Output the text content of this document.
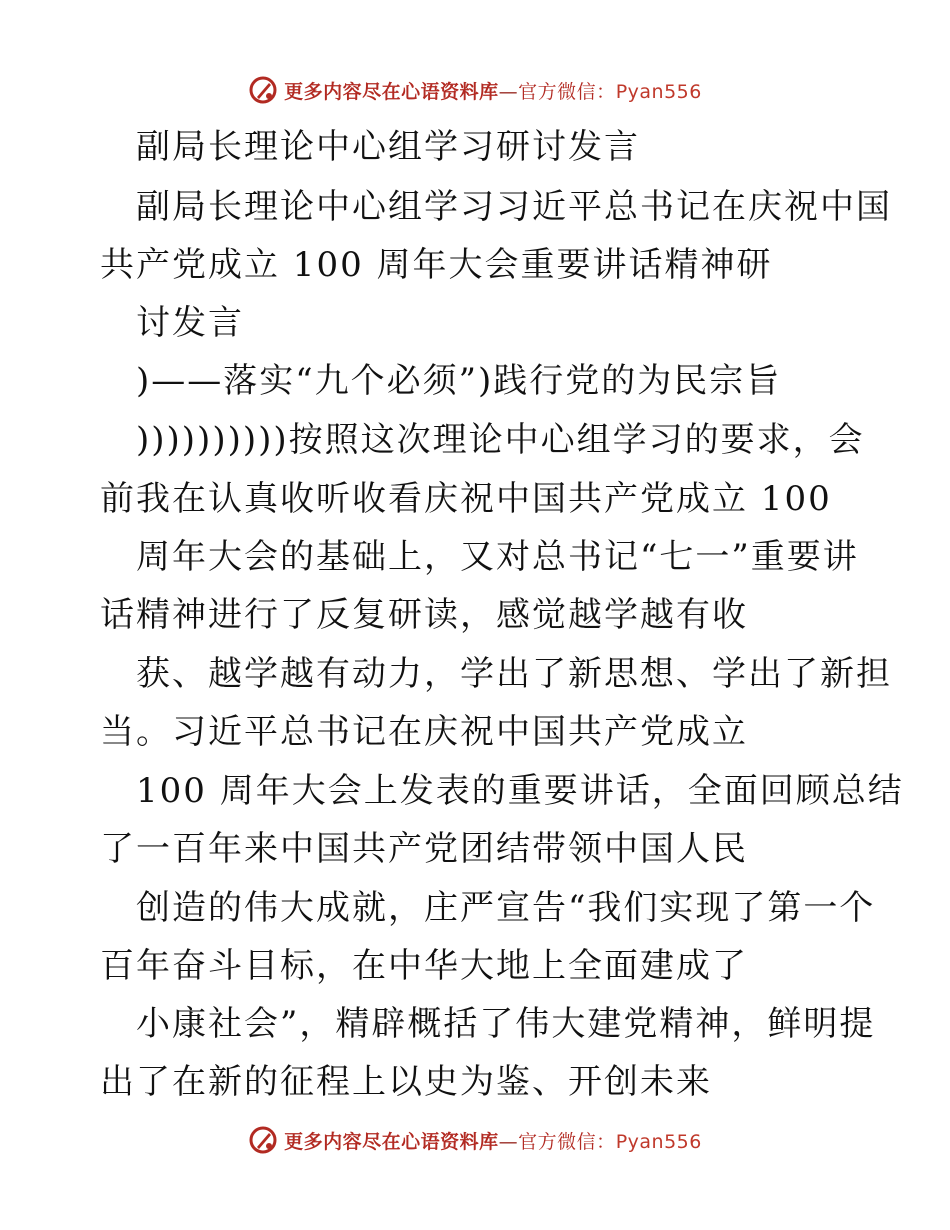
更多内容尽在心语资料库—官方微信：Pyan556
副局长理论中心组学习研讨发言
副局长理论中心组学习习近平总书记在庆祝中国
共产党成立 100 周年大会重要讲话精神研
讨发言
)——落实“九个必须”)践行党的为民宗旨
))))))))))按照这次理论中心组学习的要求，会
前我在认真收听收看庆祝中国共产党成立 100
周年大会的基础上，又对总书记“七一”重要讲
话精神进行了反复研读，感觉越学越有收
获、越学越有动力，学出了新思想、学出了新担
当。习近平总书记在庆祝中国共产党成立
100 周年大会上发表的重要讲话，全面回顾总结
了一百年来中国共产党团结带领中国人民
创造的伟大成就，庄严宣告“我们实现了第一个
百年奋斗目标，在中华大地上全面建成了
小康社会”，精辟概括了伟大建党精神，鲜明提
出了在新的征程上以史为鉴、开创未来
更多内容尽在心语资料库—官方微信：Pyan556
